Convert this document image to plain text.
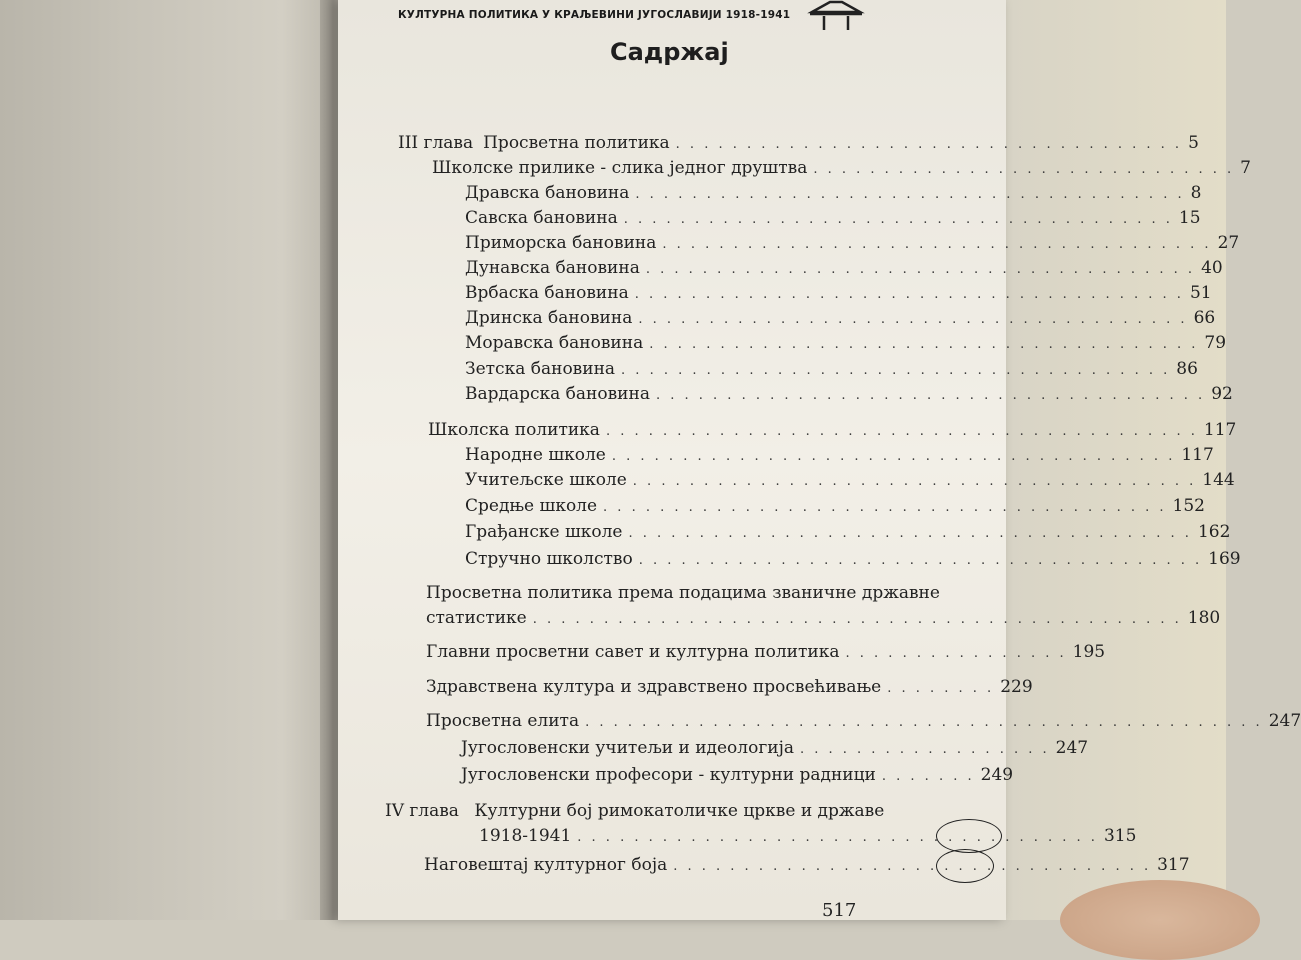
КУЛТУРНА ПОЛИТИКА У КРАЉЕВИНИ ЈУГОСЛАВИЈИ 1918-1941
Садржај
III глава Просветна политика . . . . . . . . . . . . . . . . . . . . . . . . . . . . . . . . . . . . 5
Школске прилике - слика једног друштва . . . . . . . . . . . . . . . . . . . . . . . . . . . . . . 7
Дравска бановина . . . . . . . . . . . . . . . . . . . . . . . . . . . . . . . . . . . . . . . 8
Савска бановина . . . . . . . . . . . . . . . . . . . . . . . . . . . . . . . . . . . . . . . 15
Приморска бановина . . . . . . . . . . . . . . . . . . . . . . . . . . . . . . . . . . . . . . . 27
Дунавска бановина . . . . . . . . . . . . . . . . . . . . . . . . . . . . . . . . . . . . . . . 40
Врбаска бановина . . . . . . . . . . . . . . . . . . . . . . . . . . . . . . . . . . . . . . . 51
Дринска бановина . . . . . . . . . . . . . . . . . . . . . . . . . . . . . . . . . . . . . . . 66
Моравска бановина . . . . . . . . . . . . . . . . . . . . . . . . . . . . . . . . . . . . . . . 79
Зетска бановина . . . . . . . . . . . . . . . . . . . . . . . . . . . . . . . . . . . . . . . 86
Вардарска бановина . . . . . . . . . . . . . . . . . . . . . . . . . . . . . . . . . . . . . . . 92
Школска политика . . . . . . . . . . . . . . . . . . . . . . . . . . . . . . . . . . . . . . . . . . 117
Народне школе . . . . . . . . . . . . . . . . . . . . . . . . . . . . . . . . . . . . . . . . 117
Учитељске школе . . . . . . . . . . . . . . . . . . . . . . . . . . . . . . . . . . . . . . . . 144
Средње школе . . . . . . . . . . . . . . . . . . . . . . . . . . . . . . . . . . . . . . . . 152
Грађанске школе . . . . . . . . . . . . . . . . . . . . . . . . . . . . . . . . . . . . . . . . 162
Стручно школство . . . . . . . . . . . . . . . . . . . . . . . . . . . . . . . . . . . . . . . . 169
Просветна политика према подацима званичне државне
статистике . . . . . . . . . . . . . . . . . . . . . . . . . . . . . . . . . . . . . . . . . . . . . . 180
Главни просветни савет и културна политика . . . . . . . . . . . . . . . . 195
Здравствена култура и здравствено просвећивање . . . . . . . . 229
Просветна елита . . . . . . . . . . . . . . . . . . . . . . . . . . . . . . . . . . . . . . . . . . . . . . . . 247
Југословенски учитељи и идеологија . . . . . . . . . . . . . . . . . . 247
Југословенски професори - културни радници . . . . . . . 249
IV глава Културни бој римокатоличке цркве и државе
1918-1941 . . . . . . . . . . . . . . . . . . . . . . . . . . . . . . . . . . . . . 315
Наговештај културног боја . . . . . . . . . . . . . . . . . . . . . . . . . . . . . . . . . . 317
517
